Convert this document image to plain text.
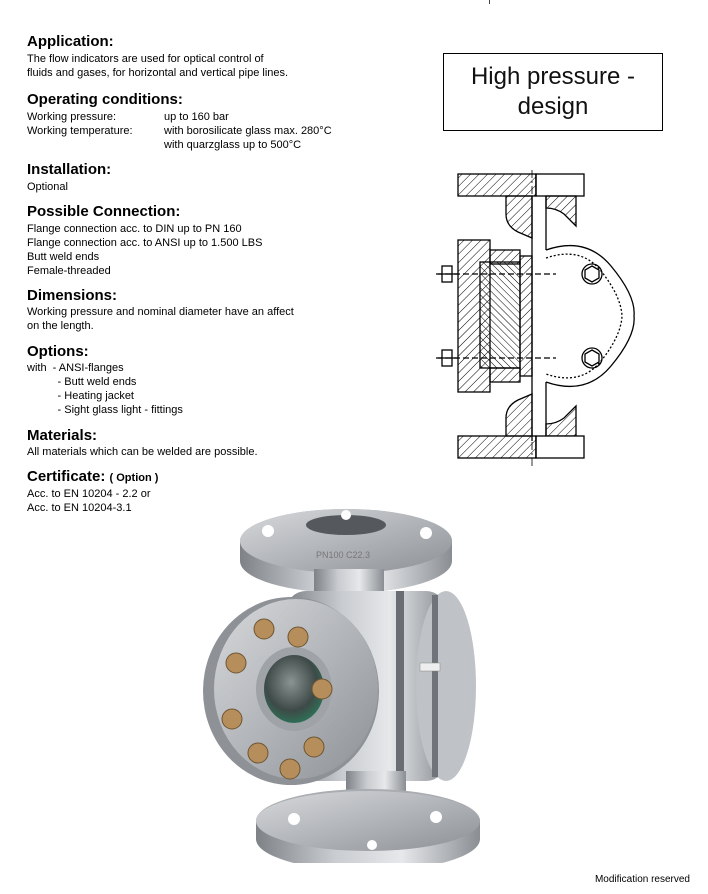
Application:

The flow indicators are used for optical control of

fluids and gases, for horizontal and vertical pipe lines.

Operating conditions:
Working pressure:	up to 160 bar
Working temperature:	with borosilicate glass max. 280°C
with quarzglass up to 500°C
Installation:

Optional

Possible Connection:

Flange connection acc. to DIN up to PN 160

Flange connection acc. to ANSI up to 1.500 LBS

Butt weld ends

Female-threaded

Dimensions:

Working pressure and nominal diameter have an affect

on the length.

Options:

with  - ANSI-flanges

- Butt weld ends

- Heating jacket

- Sight glass light - fittings

Materials:

All materials which can be welded are possible.

Certificate: ( Option )

Acc. to EN 10204 - 2.2 or

Acc. to EN 10204-3.1

High pressure -
design
PN100 C22.3

Modification reserved
